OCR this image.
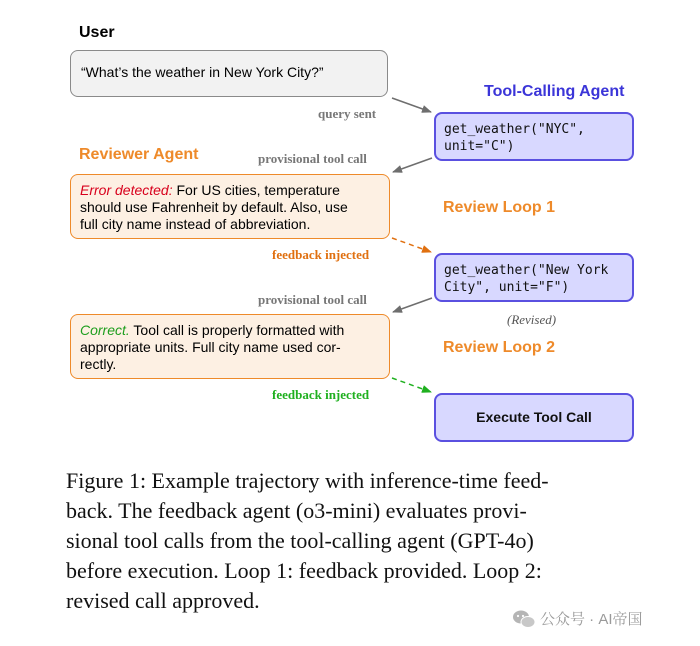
User
Tool-Calling Agent
Reviewer Agent
“What’s the weather in New York City?”
get_weather("NYC",
unit="C")
get_weather("New York
City", unit="F")
(Revised)
Execute Tool Call
Review Loop 1
Review Loop 2
Error detected: For US cities, temperature
should use Fahrenheit by default. Also, use
full city name instead of abbreviation.
Correct. Tool call is properly formatted with
appropriate units. Full city name used cor-
rectly.
query sent
provisional tool call
feedback injected
provisional tool call
feedback injected
Figure 1: Example trajectory with inference-time feed-
back. The feedback agent (o3-mini) evaluates provi-
sional tool calls from the tool-calling agent (GPT-4o)
before execution. Loop 1: feedback provided. Loop 2:
revised call approved.
公众号 · AI帝国
